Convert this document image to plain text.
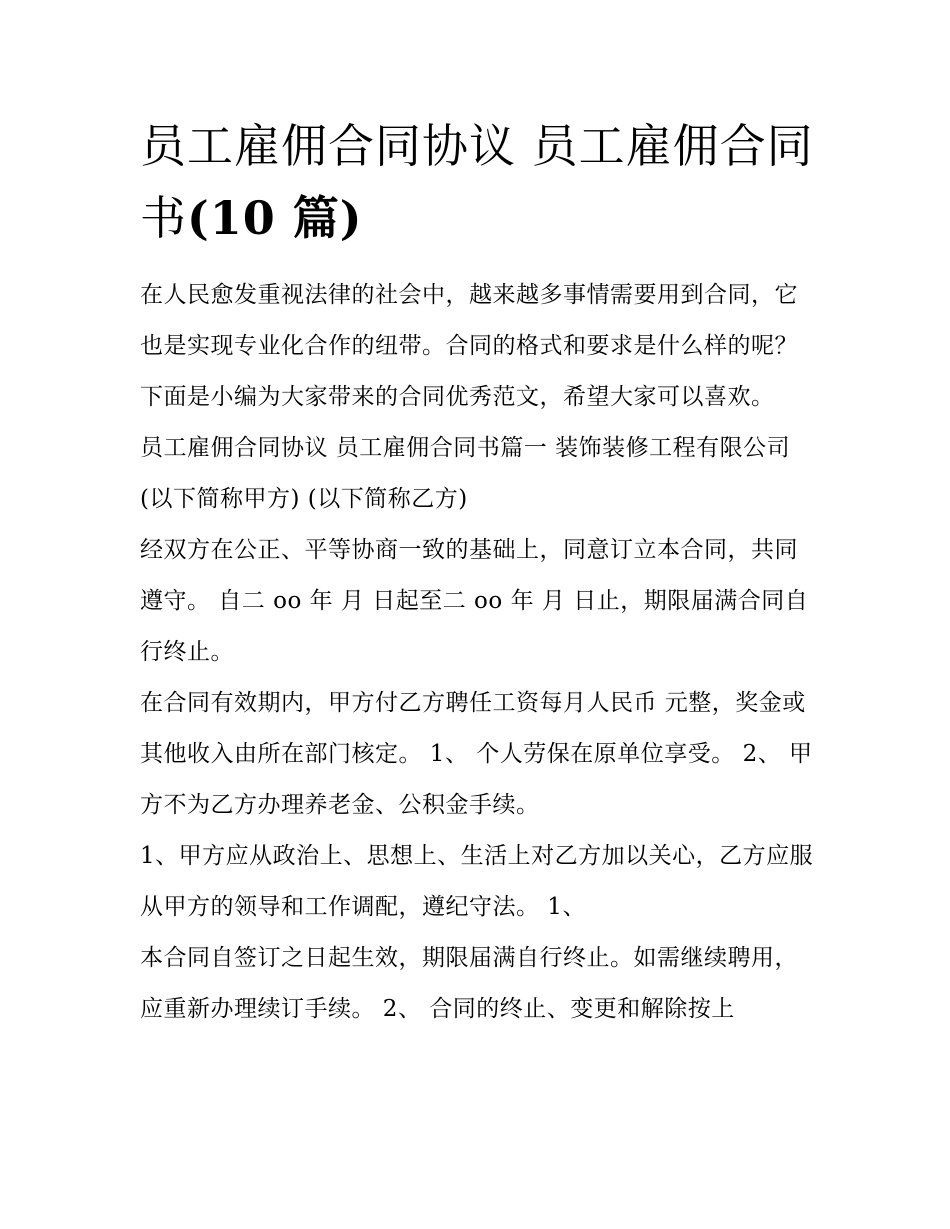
员工雇佣合同协议 员工雇佣合同书(10 篇)

在人民愈发重视法律的社会中，越来越多事情需要用到合同，它也是实现专业化合作的纽带。合同的格式和要求是什么样的呢？下面是小编为大家带来的合同优秀范文，希望大家可以喜欢。

员工雇佣合同协议 员工雇佣合同书篇一 装饰装修工程有限公司 (以下简称甲方) (以下简称乙方)

经双方在公正、平等协商一致的基础上，同意订立本合同，共同遵守。 自二 oo 年 月 日起至二 oo 年 月 日止，期限届满合同自行终止。

在合同有效期内，甲方付乙方聘任工资每月人民币 元整，奖金或其他收入由所在部门核定。 1、 个人劳保在原单位享受。 2、 甲方不为乙方办理养老金、公积金手续。

1、甲方应从政治上、思想上、生活上对乙方加以关心，乙方应服从甲方的领导和工作调配，遵纪守法。 1、

本合同自签订之日起生效，期限届满自行终止。如需继续聘用，应重新办理续订手续。 2、 合同的终止、变更和解除按上
